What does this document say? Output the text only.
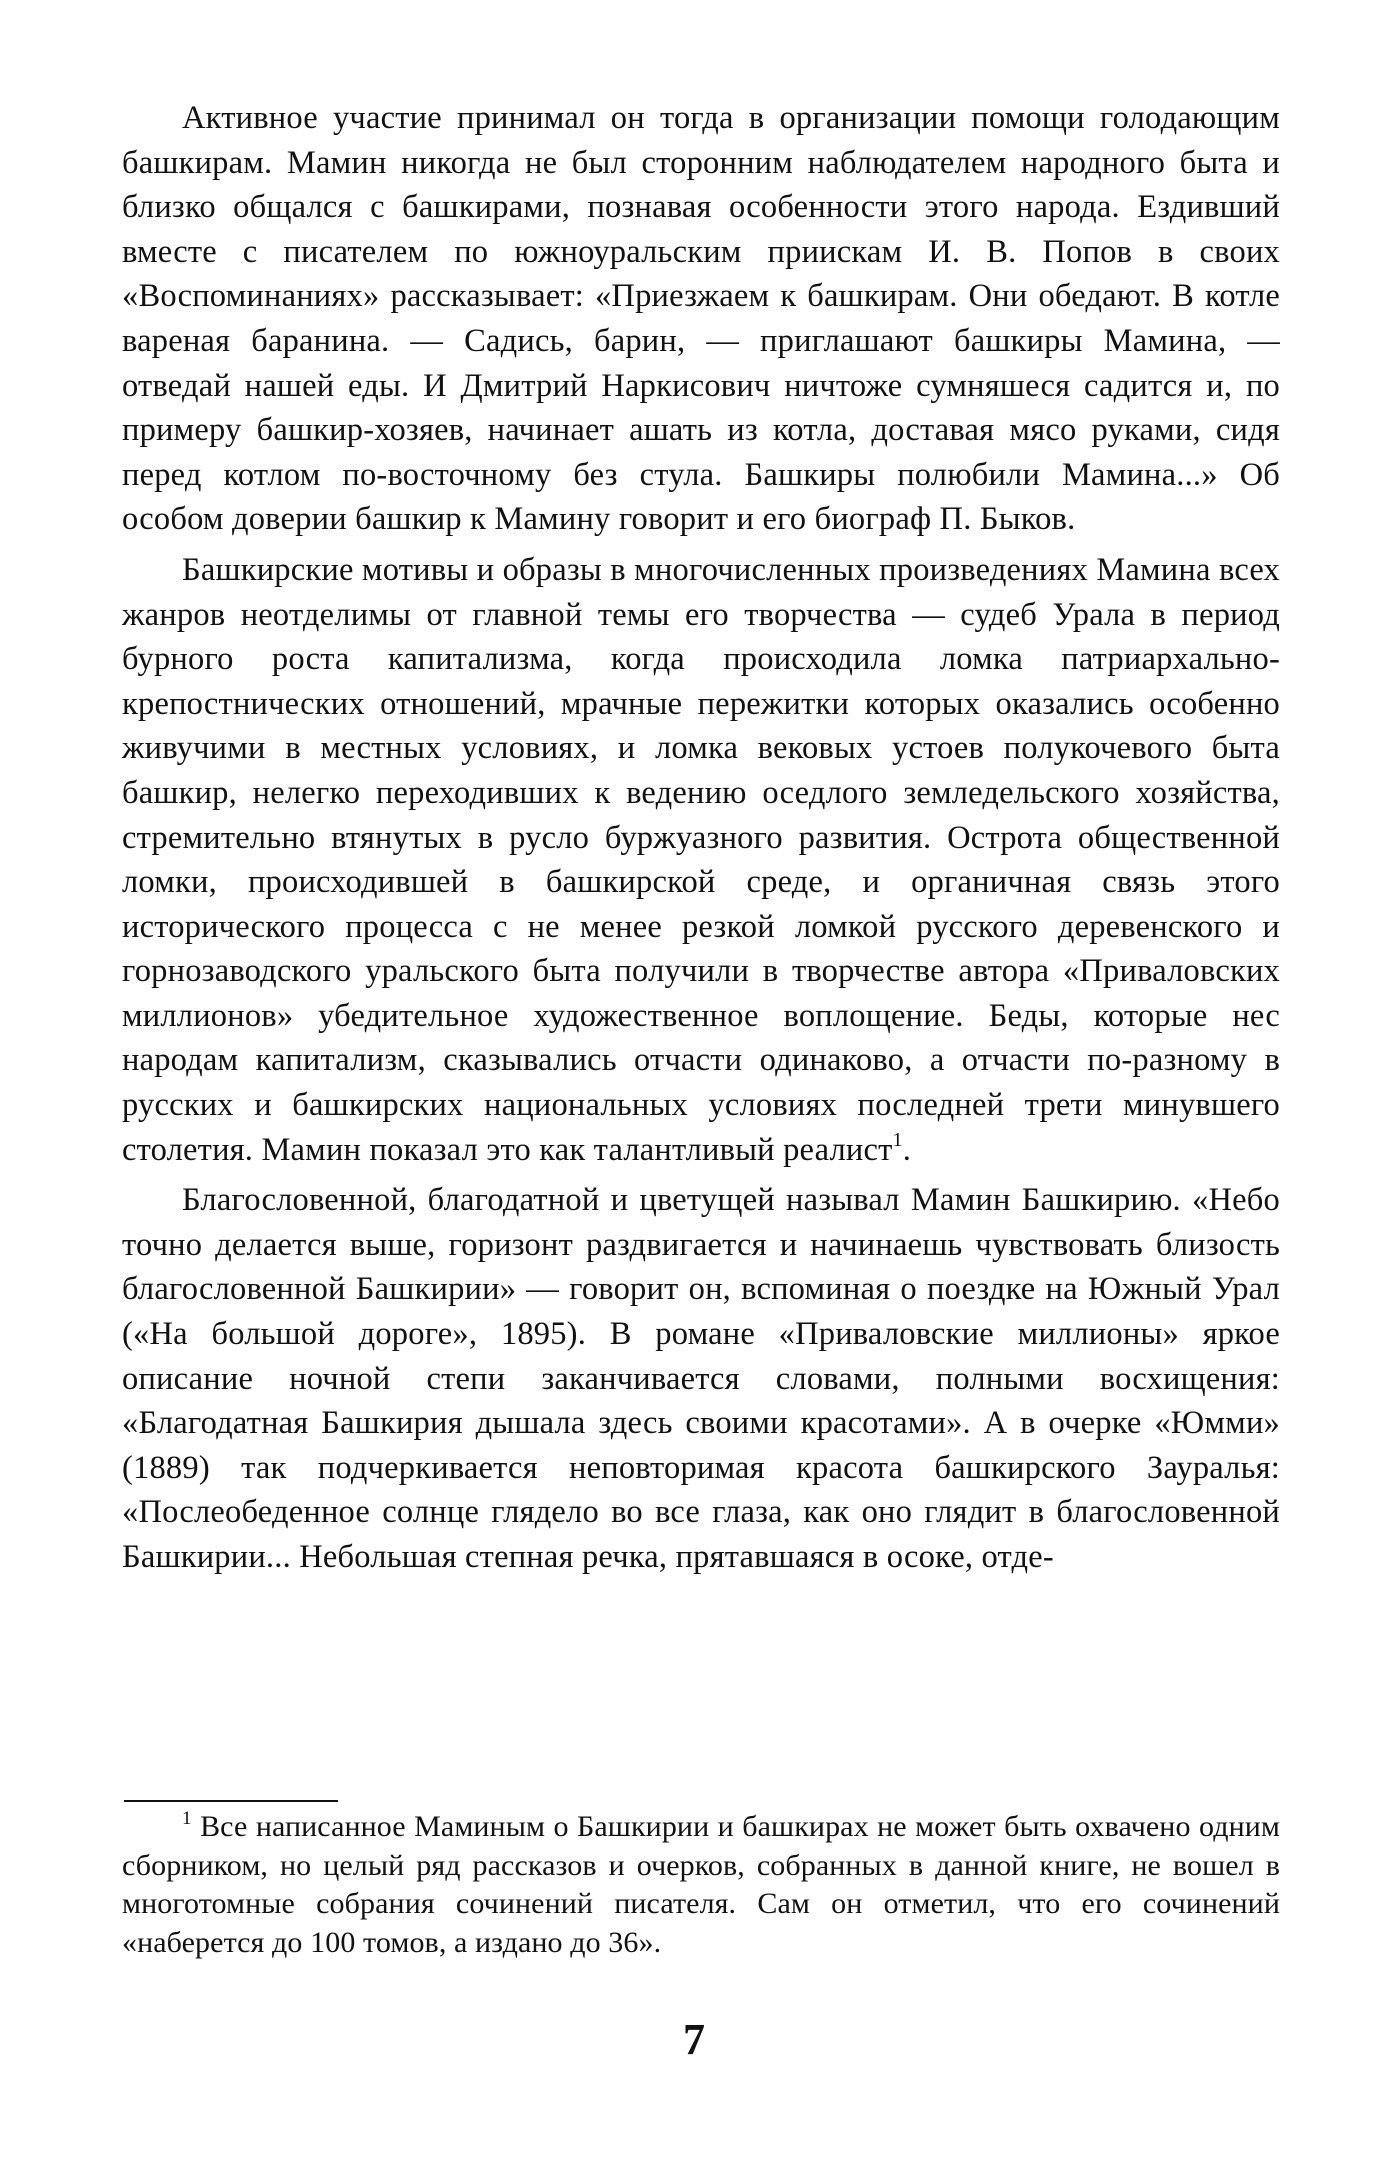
Активное участие принимал он тогда в организации помощи голодающим башкирам. Мамин никогда не был сторонним наблюдателем народного быта и близко общался с башкирами, познавая особенности этого народа. Ездивший вместе с писателем по южноуральским приискам И. В. Попов в своих «Воспоминаниях» рассказывает: «Приезжаем к башкирам. Они обедают. В котле вареная баранина. — Садись, барин, — приглашают башкиры Мамина, — отведай нашей еды. И Дмитрий Наркисович ничтоже сумняшеся садится и, по примеру башкир-хозяев, начинает ашать из котла, доставая мясо руками, сидя перед котлом по-восточному без стула. Башкиры полюбили Мамина...» Об особом доверии башкир к Мамину говорит и его биограф П. Быков.

Башкирские мотивы и образы в многочисленных произведениях Мамина всех жанров неотделимы от главной темы его творчества — судеб Урала в период бурного роста капитализма, когда происходила ломка патриархально-крепостнических отношений, мрачные пережитки которых оказались особенно живучими в местных условиях, и ломка вековых устоев полукочевого быта башкир, нелегко переходивших к ведению оседлого земледельского хозяйства, стремительно втянутых в русло буржуазного развития. Острота общественной ломки, происходившей в башкирской среде, и органичная связь этого исторического процесса с не менее резкой ломкой русского деревенского и горнозаводского уральского быта получили в творчестве автора «Приваловских миллионов» убедительное художественное воплощение. Беды, которые нес народам капитализм, сказывались отчасти одинаково, а отчасти по-разному в русских и башкирских национальных условиях последней трети минувшего столетия. Мамин показал это как талантливый реалист$^1$.

Благословенной, благодатной и цветущей называл Мамин Башкирию. «Небо точно делается выше, горизонт раздвигается и начинаешь чувствовать близость благословенной Башкирии» — говорит он, вспоминая о поездке на Южный Урал («На большой дороге», 1895). В романе «Приваловские миллионы» яркое описание ночной степи заканчивается словами, полными восхищения: «Благодатная Башкирия дышала здесь своими красотами». А в очерке «Юмми» (1889) так подчеркивается неповторимая красота башкирского Зауралья: «Послеобеденное солнце глядело во все глаза, как оно глядит в благословенной Башкирии... Небольшая степная речка, прятавшаяся в осоке, отде-

$^1$ Все написанное Маминым о Башкирии и башкирах не может быть охвачено одним сборником, но целый ряд рассказов и очерков, собранных в данной книге, не вошел в многотомные собрания сочинений писателя. Сам он отметил, что его сочинений «наберется до 100 томов, а издано до 36».

7
